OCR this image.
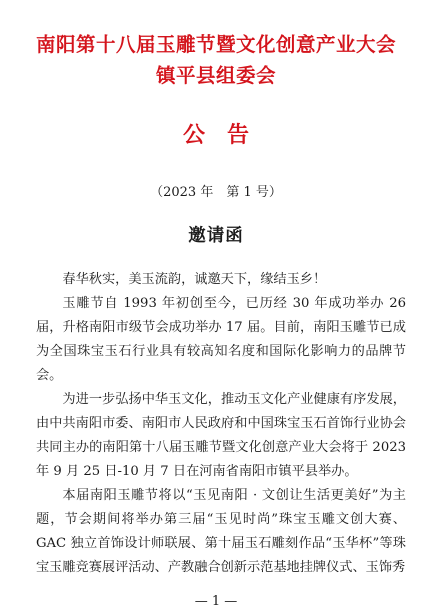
南阳第十八届玉雕节暨文化创意产业大会
镇平县组委会
公　告
（2023 年　第 1 号）
邀请函

春华秋实，美玉流韵，诚邀天下，缘结玉乡！

玉雕节自 1993 年初创至今，已历经 30 年成功举办 26 届，升格南阳市级节会成功举办 17 届。目前，南阳玉雕节已成为全国珠宝玉石行业具有较高知名度和国际化影响力的品牌节会。

为进一步弘扬中华玉文化，推动玉文化产业健康有序发展，由中共南阳市委、南阳市人民政府和中国珠宝玉石首饰行业协会共同主办的南阳第十八届玉雕节暨文化创意产业大会将于 2023 年 9 月 25 日-10 月 7 日在河南省南阳市镇平县举办。

本届南阳玉雕节将以“玉见南阳 · 文创让生活更美好”为主题，节会期间将举办第三届“玉见时尚”珠宝玉雕文创大赛、GAC 独立首饰设计师联展、第十届玉石雕刻作品“玉华杯”等珠宝玉雕竞赛展评活动、产教融合创新示范基地挂牌仪式、玉饰秀

— 1 —
